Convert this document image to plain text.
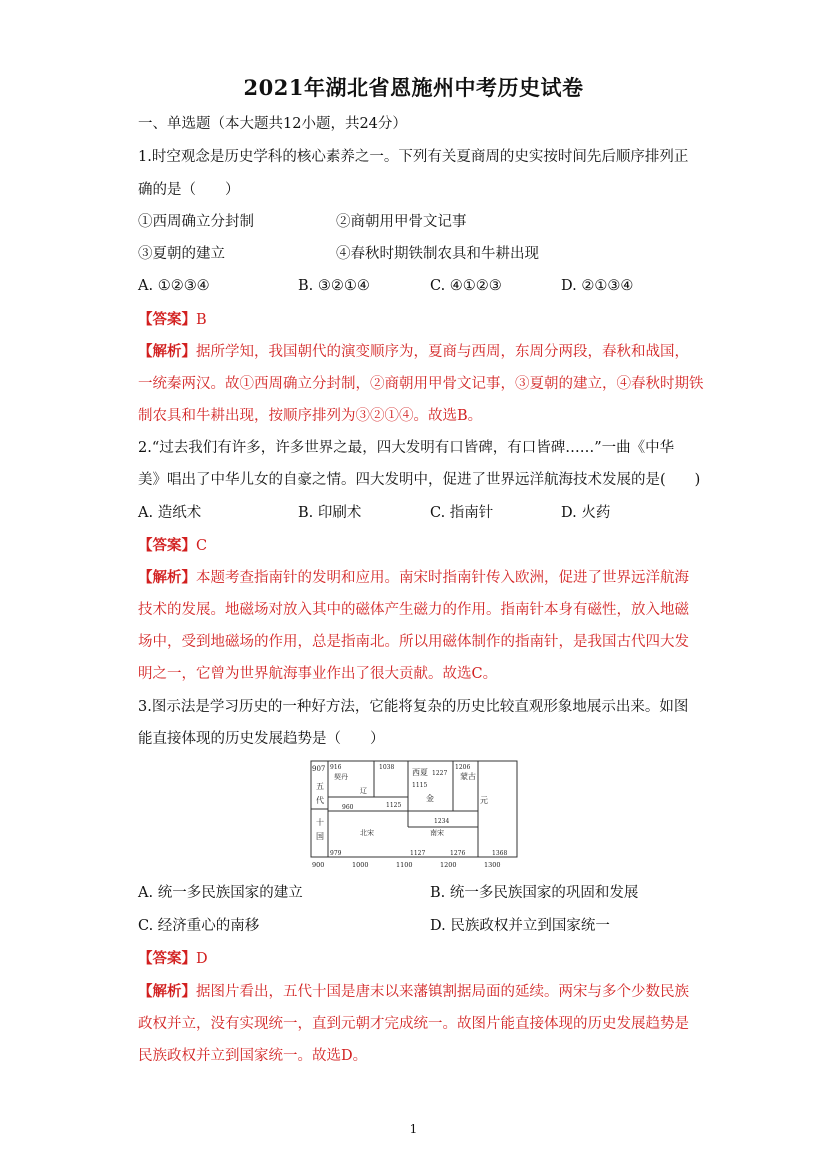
2021年湖北省恩施州中考历史试卷
一、单选题（本大题共12小题，共24分）
1.时空观念是历史学科的核心素养之一。下列有关夏商周的史实按时间先后顺序排列正
确的是（　　）
①西周确立分封制	②商朝用甲骨文记事
③夏朝的建立	④春秋时期铁制农具和牛耕出现
A. ①②③④	B. ③②①④	C. ④①②③	D. ②①③④
【答案】B
【解析】据所学知，我国朝代的演变顺序为，夏商与西周，东周分两段，春秋和战国，
一统秦两汉。故①西周确立分封制，②商朝用甲骨文记事，③夏朝的建立，④春秋时期铁
制农具和牛耕出现，按顺序排列为③②①④。故选B。
2.“过去我们有许多，许多世界之最，四大发明有口皆碑，有口皆碑……”一曲《中华
美》唱出了中华儿女的自豪之情。四大发明中，促进了世界远洋航海技术发展的是(　　)
A. 造纸术	B. 印刷术	C. 指南针	D. 火药
【答案】C
【解析】本题考查指南针的发明和应用。南宋时指南针传入欧洲，促进了世界远洋航海
技术的发展。地磁场对放入其中的磁体产生磁力的作用。指南针本身有磁性，放入地磁
场中，受到地磁场的作用，总是指南北。所以用磁体制作的指南针，是我国古代四大发
明之一，它曾为世界航海事业作出了很大贡献。故选C。
3.图示法是学习历史的一种好方法，它能将复杂的历史比较直观形象地展示出来。如图
能直接体现的历史发展趋势是（　　）
907 916	1038	1206
契丹
辽
西夏 1227 蒙古
五
代
1115
1125
金	元
960
1234
十
国	北宋	南宋
979	1127	1276	1368
900	1000	1100	1200	1300
A. 统一多民族国家的建立	B. 统一多民族国家的巩固和发展
C. 经济重心的南移	D. 民族政权并立到国家统一
【答案】D
【解析】据图片看出，五代十国是唐末以来藩镇割据局面的延续。两宋与多个少数民族
政权并立，没有实现统一，直到元朝才完成统一。故图片能直接体现的历史发展趋势是
民族政权并立到国家统一。故选D。
1
